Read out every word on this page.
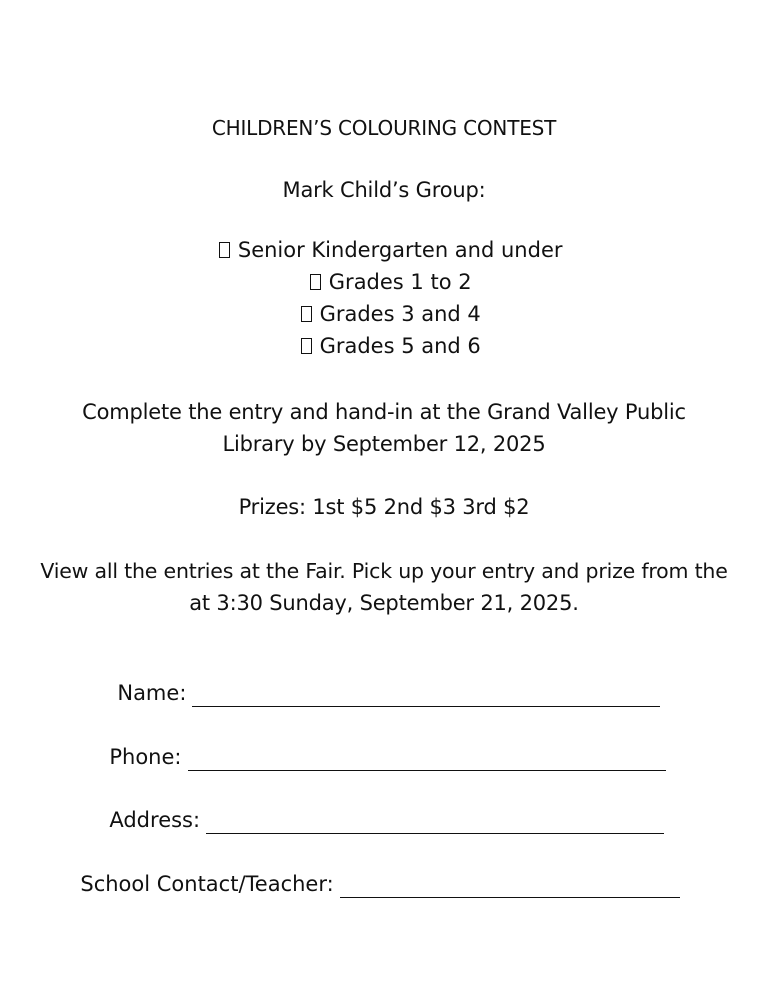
CHILDREN’S COLOURING CONTEST
Mark Child’s Group:

Senior Kindergarten and under

Grades 1 to 2

Grades 3 and 4

Grades 5 and 6

Complete the entry and hand-in at the Grand Valley Public
Library by September 12, 2025
Prizes: 1st $5 2nd $3 3rd $2
View all the entries at the Fair. Pick up your entry and prize from the
at 3:30 Sunday, September 21, 2025.

Name:

Phone:

Address:

School Contact/Teacher:
